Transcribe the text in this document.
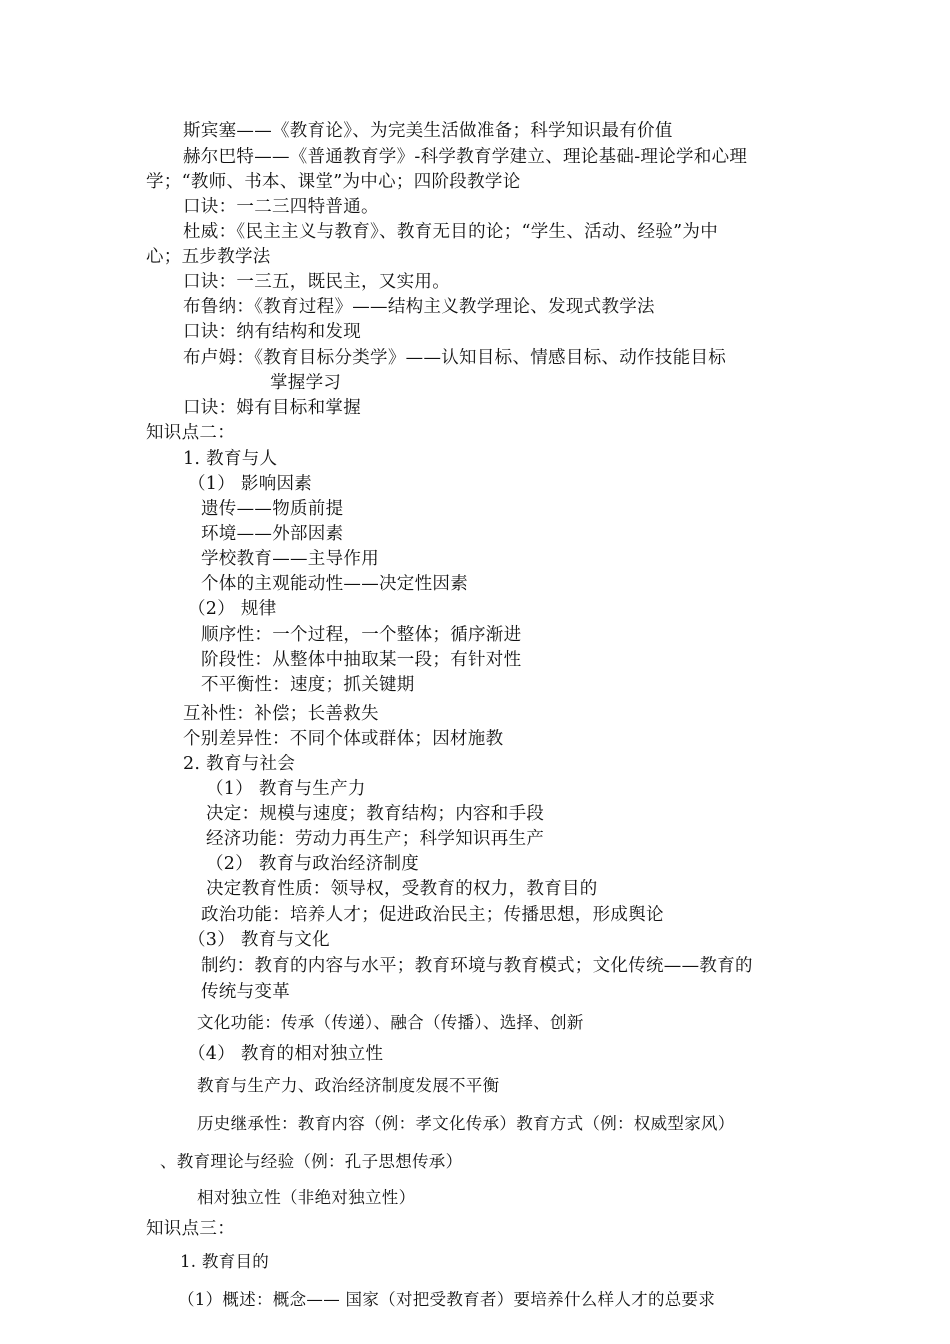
斯宾塞——《教育论》、为完美生活做准备；科学知识最有价值
赫尔巴特——《普通教育学》-科学教育学建立、理论基础-理论学和心理
学；“教师、书本、课堂”为中心；四阶段教学论
口诀：一二三四特普通。
杜威：《民主主义与教育》、教育无目的论；“学生、活动、经验”为中
心；五步教学法
口诀：一三五，既民主，又实用。
布鲁纳：《教育过程》——结构主义教学理论、发现式教学法
口诀：纳有结构和发现
布卢姆：《教育目标分类学》——认知目标、情感目标、动作技能目标
掌握学习
口诀：姆有目标和掌握
知识点二：
1. 教育与人
（1） 影响因素
遗传——物质前提
环境——外部因素
学校教育——主导作用
个体的主观能动性——决定性因素
（2） 规律
顺序性：一个过程，一个整体；循序渐进
阶段性：从整体中抽取某一段；有针对性
不平衡性：速度；抓关键期
互补性：补偿；长善救失
个别差异性：不同个体或群体；因材施教
2. 教育与社会
（1） 教育与生产力
决定：规模与速度；教育结构；内容和手段
经济功能：劳动力再生产；科学知识再生产
（2） 教育与政治经济制度
决定教育性质：领导权，受教育的权力，教育目的
政治功能：培养人才；促进政治民主；传播思想，形成舆论
（3） 教育与文化
制约：教育的内容与水平；教育环境与教育模式；文化传统——教育的
传统与变革
文化功能：传承（传递）、融合（传播）、选择、创新
（4） 教育的相对独立性
教育与生产力、政治经济制度发展不平衡
历史继承性：教育内容（例：孝文化传承）教育方式（例：权威型家风）
、教育理论与经验（例：孔子思想传承）
相对独立性（非绝对独立性）
知识点三：
1. 教育目的
（1）概述：概念—— 国家（对把受教育者）要培养什么样人才的总要求
